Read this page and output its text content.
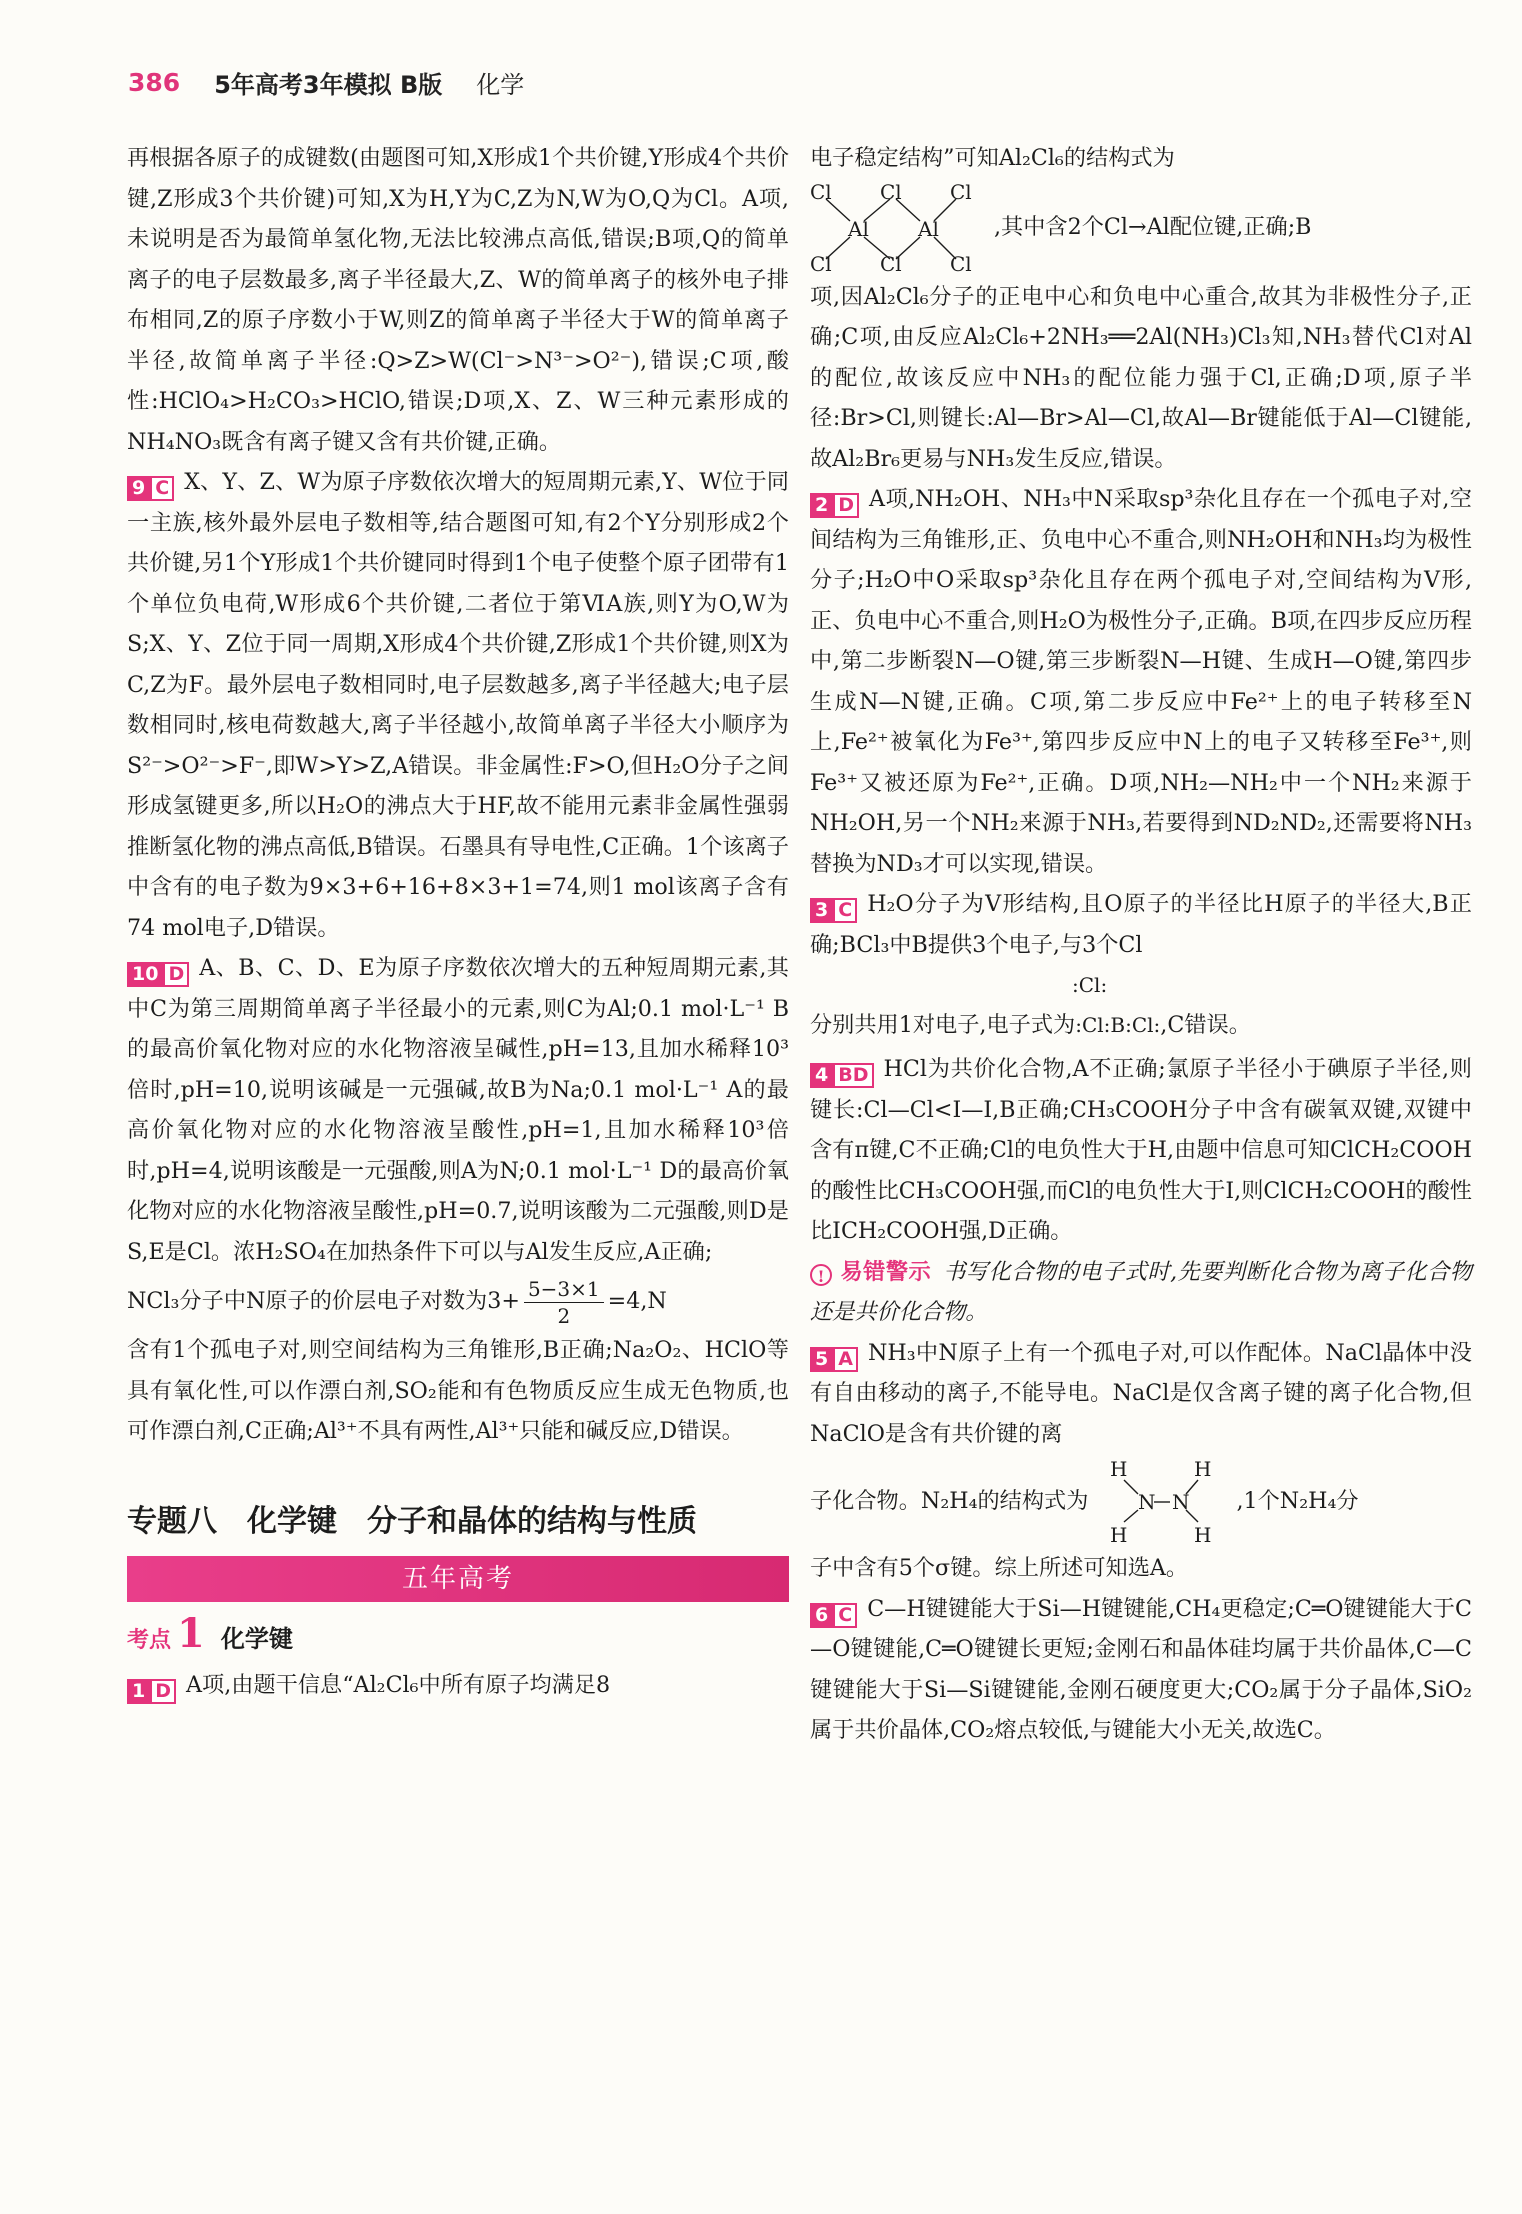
386 5年高考3年模拟 B版 化学

再根据各原子的成键数(由题图可知,X形成1个共价键,Y形成4个共价键,Z形成3个共价键)可知,X为H,Y为C,Z为N,W为O,Q为Cl。A项,未说明是否为最简单氢化物,无法比较沸点高低,错误;B项,Q的简单离子的电子层数最多,离子半径最大,Z、W的简单离子的核外电子排布相同,Z的原子序数小于W,则Z的简单离子半径大于W的简单离子半径,故简单离子半径:Q>Z>W(Cl⁻>N³⁻>O²⁻),错误;C项,酸性:HClO₄>H₂CO₃>HClO,错误;D项,X、Z、W三种元素形成的NH₄NO₃既含有离子键又含有共价键,正确。

9 C X、Y、Z、W为原子序数依次增大的短周期元素,Y、W位于同一主族,核外最外层电子数相等,结合题图可知,有2个Y分别形成2个共价键,另1个Y形成1个共价键同时得到1个电子使整个原子团带有1个单位负电荷,W形成6个共价键,二者位于第ⅥA族,则Y为O,W为S;X、Y、Z位于同一周期,X形成4个共价键,Z形成1个共价键,则X为C,Z为F。最外层电子数相同时,电子层数越多,离子半径越大;电子层数相同时,核电荷数越大,离子半径越小,故简单离子半径大小顺序为S²⁻>O²⁻>F⁻,即W>Y>Z,A错误。非金属性:F>O,但H₂O分子之间形成氢键更多,所以H₂O的沸点大于HF,故不能用元素非金属性强弱推断氢化物的沸点高低,B错误。石墨具有导电性,C正确。1个该离子中含有的电子数为9×3+6+16+8×3+1=74,则1 mol该离子含有74 mol电子,D错误。

10 D A、B、C、D、E为原子序数依次增大的五种短周期元素,其中C为第三周期简单离子半径最小的元素,则C为Al;0.1 mol·L⁻¹ B的最高价氧化物对应的水化物溶液呈碱性,pH=13,且加水稀释10³倍时,pH=10,说明该碱是一元强碱,故B为Na;0.1 mol·L⁻¹ A的最高价氧化物对应的水化物溶液呈酸性,pH=1,且加水稀释10³倍时,pH=4,说明该酸是一元强酸,则A为N;0.1 mol·L⁻¹ D的最高价氧化物对应的水化物溶液呈酸性,pH=0.7,说明该酸为二元强酸,则D是S,E是Cl。浓H₂SO₄在加热条件下可以与Al发生反应,A正确;

NCl₃分子中N原子的价层电子对数为$3+ \frac{5-3\times 1}{2} =4,N$

含有1个孤电子对,则空间结构为三角锥形,B正确;Na₂O₂、HClO等具有氧化性,可以作漂白剂,SO₂能和有色物质反应生成无色物质,也可作漂白剂,C正确;Al³⁺不具有两性,Al³⁺只能和碱反应,D错误。

专题八　化学键　分子和晶体的结构与性质
五年高考
考点 1 化学键

1 D A项,由题干信息“Al₂Cl₆中所有原子均满足8

电子稳定结构”可知Al₂Cl₆的结构式为

Cl Cl Cl
Al Al
Cl Cl Cl
,其中含2个Cl→Al配位键,正确;B

项,因Al₂Cl₆分子的正电中心和负电中心重合,故其为非极性分子,正确;C项,由反应Al₂Cl₆+2NH₃══2Al(NH₃)Cl₃知,NH₃替代Cl对Al的配位,故该反应中NH₃的配位能力强于Cl,正确;D项,原子半径:Br>Cl,则键长:Al—Br>Al—Cl,故Al—Br键能低于Al—Cl键能,故Al₂Br₆更易与NH₃发生反应,错误。

2 D A项,NH₂OH、NH₃中N采取sp³杂化且存在一个孤电子对,空间结构为三角锥形,正、负电中心不重合,则NH₂OH和NH₃均为极性分子;H₂O中O采取sp³杂化且存在两个孤电子对,空间结构为V形,正、负电中心不重合,则H₂O为极性分子,正确。B项,在四步反应历程中,第二步断裂N—O键,第三步断裂N—H键、生成H—O键,第四步生成N—N键,正确。C项,第二步反应中Fe²⁺上的电子转移至N上,Fe²⁺被氧化为Fe³⁺,第四步反应中N上的电子又转移至Fe³⁺,则Fe³⁺又被还原为Fe²⁺,正确。D项,NH₂—NH₂中一个NH₂来源于NH₂OH,另一个NH₂来源于NH₃,若要得到ND₂ND₂,还需要将NH₃替换为ND₃才可以实现,错误。

3 C H₂O分子为V形结构,且O原子的半径比H原子的半径大,B正确;BCl₃中B提供3个电子,与3个Cl

:Cl:
分别共用1对电子,电子式为:Cl:B:Cl:,C错误。

4 BD HCl为共价化合物,A不正确;氯原子半径小于碘原子半径,则键长:Cl—Cl<I—I,B正确;CH₃COOH分子中含有碳氧双键,双键中含有π键,C不正确;Cl的电负性大于H,由题中信息可知ClCH₂COOH的酸性比CH₃COOH强,而Cl的电负性大于I,则ClCH₂COOH的酸性比ICH₂COOH强,D正确。

! 易错警示 书写化合物的电子式时,先要判断化合物为离子化合物还是共价化合物。

5 A NH₃中N原子上有一个孤电子对,可以作配体。NaCl晶体中没有自由移动的离子,不能导电。NaCl是仅含离子键的离子化合物,但NaClO是含有共价键的离

子化合物。N₂H₄的结构式为
H	H
N N
H	H
,1个N₂H₄分

子中含有5个σ键。综上所述可知选A。

6 C C—H键键能大于Si—H键键能,CH₄更稳定;C═O键键能大于C—O键键能,C═O键键长更短;金刚石和晶体硅均属于共价晶体,C—C键键能大于Si—Si键键能,金刚石硬度更大;CO₂属于分子晶体,SiO₂属于共价晶体,CO₂熔点较低,与键能大小无关,故选C。
